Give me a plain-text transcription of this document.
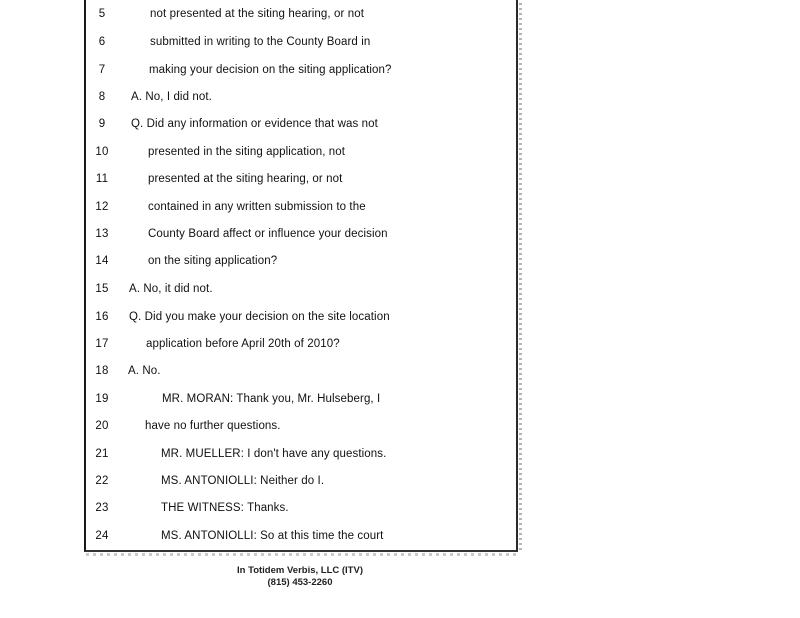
5	not presented at the siting hearing, or not
6	submitted in writing to the County Board in
7	making your decision on the siting application?
8	A. No, I did not.
9	Q. Did any information or evidence that was not
10	presented in the siting application, not
11	presented at the siting hearing, or not
12	contained in any written submission to the
13	County Board affect or influence your decision
14	on the siting application?
15 A. No, it did not.
16 Q. Did you make your decision on the site location
17	application before April 20th of 2010?
18 A. No.
19	MR. MORAN: Thank you, Mr. Hulseberg, I
20	have no further questions.
21	MR. MUELLER: I don't have any questions.
22	MS. ANTONIOLLI: Neither do I.
23	THE WITNESS: Thanks.
24	MS. ANTONIOLLI: So at this time the court
In Totidem Verbis, LLC (ITV)
(815) 453-2260
